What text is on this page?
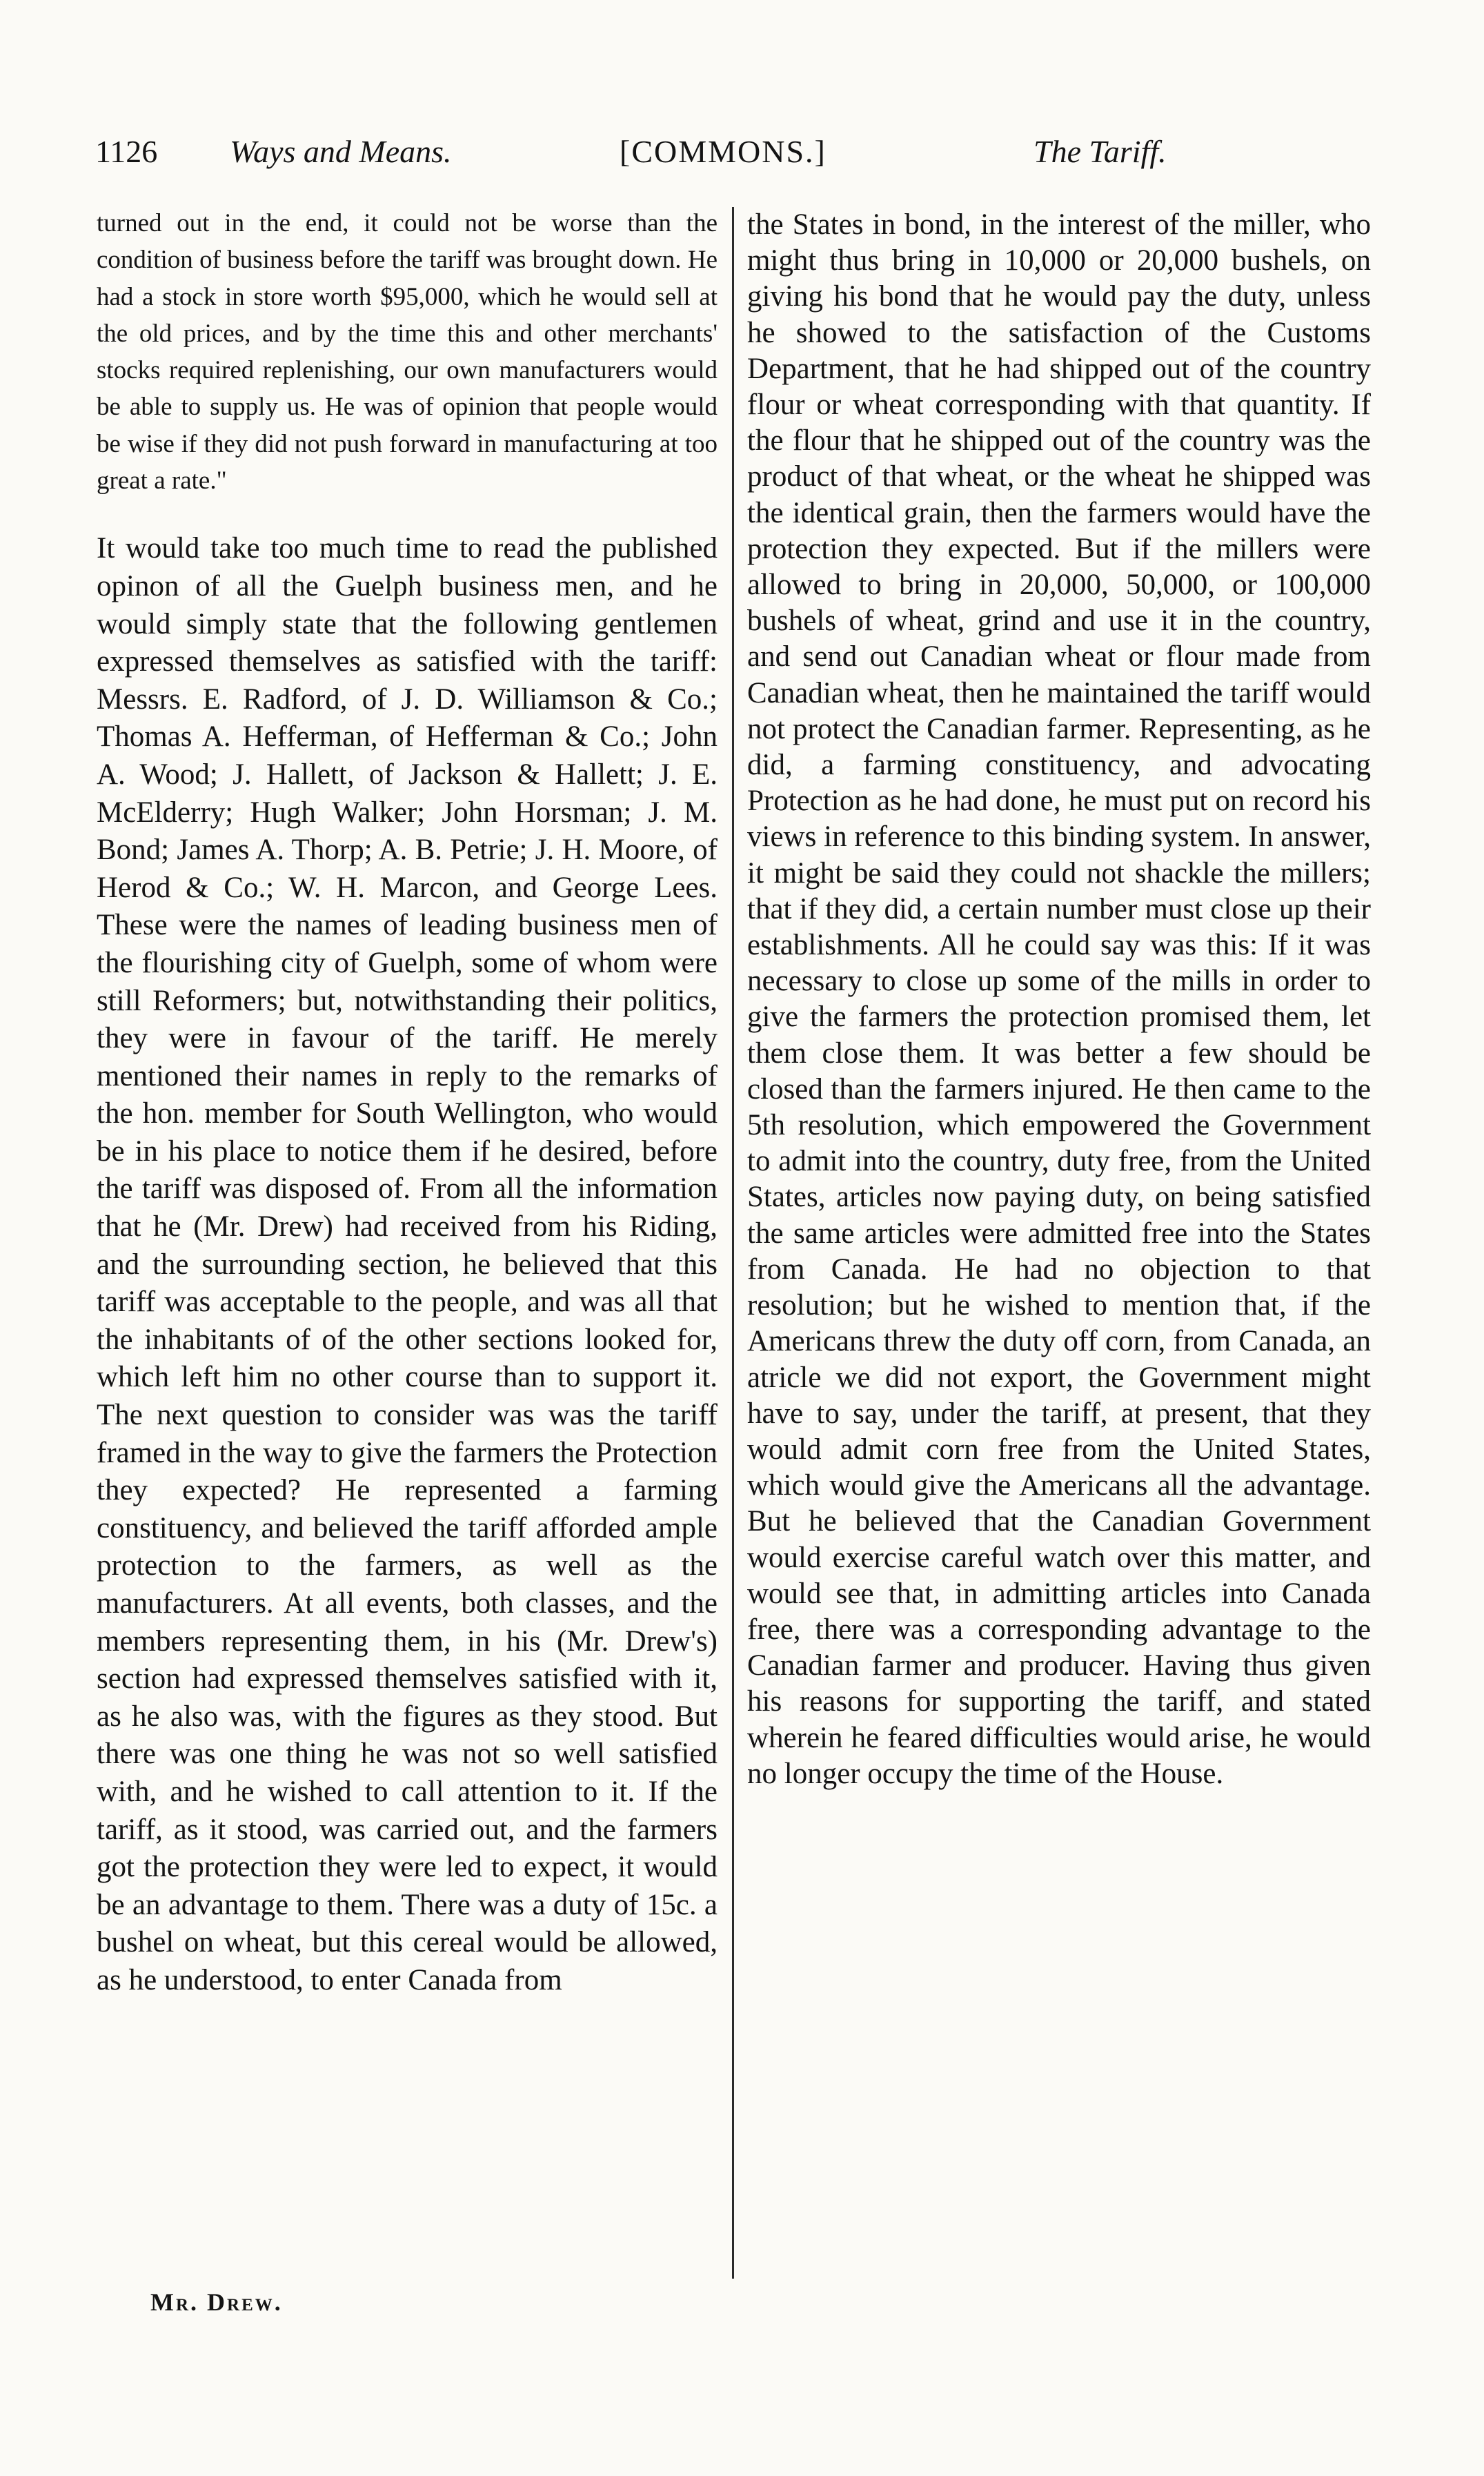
1126 Ways and Means.	[COMMONS.]	The Tariff.

turned out in the end, it could not be worse than the condition of business before the tariff was brought down. He had a stock in store worth $95,000, which he would sell at the old prices, and by the time this and other merchants' stocks required replenishing, our own manufacturers would be able to supply us. He was of opinion that people would be wise if they did not push forward in manufacturing at too great a rate."

It would take too much time to read the published opinon of all the Guelph business men, and he would simply state that the following gentlemen expressed themselves as satisfied with the tariff: Messrs. E. Radford, of J. D. Williamson & Co.; Thomas A. Hefferman, of Hefferman & Co.; John A. Wood; J. Hallett, of Jackson & Hallett; J. E. McElderry; Hugh Walker; John Horsman; J. M. Bond; James A. Thorp; A. B. Petrie; J. H. Moore, of Herod & Co.; W. H. Marcon, and George Lees. These were the names of leading business men of the flourishing city of Guelph, some of whom were still Reformers; but, notwithstanding their politics, they were in favour of the tariff. He merely mentioned their names in reply to the remarks of the hon. member for South Wellington, who would be in his place to notice them if he desired, before the tariff was disposed of. From all the information that he (Mr. Drew) had received from his Riding, and the surrounding section, he believed that this tariff was acceptable to the people, and was all that the inhabitants of of the other sections looked for, which left him no other course than to support it. The next question to consider was was the tariff framed in the way to give the farmers the Protection they expected? He represented a farming constituency, and believed the tariff afforded ample protection to the farmers, as well as the manufacturers. At all events, both classes, and the members representing them, in his (Mr. Drew's) section had expressed themselves satisfied with it, as he also was, with the figures as they stood. But there was one thing he was not so well satisfied with, and he wished to call attention to it. If the tariff, as it stood, was carried out, and the farmers got the protection they were led to expect, it would be an advantage to them. There was a duty of 15c. a bushel on wheat, but this cereal would be allowed, as he understood, to enter Canada from

the States in bond, in the interest of the miller, who might thus bring in 10,000 or 20,000 bushels, on giving his bond that he would pay the duty, unless he showed to the satisfaction of the Customs Department, that he had shipped out of the country flour or wheat corresponding with that quantity. If the flour that he shipped out of the country was the product of that wheat, or the wheat he shipped was the identical grain, then the farmers would have the protection they expected. But if the millers were allowed to bring in 20,000, 50,000, or 100,000 bushels of wheat, grind and use it in the country, and send out Canadian wheat or flour made from Canadian wheat, then he maintained the tariff would not protect the Canadian farmer. Representing, as he did, a farming constituency, and advocating Protection as he had done, he must put on record his views in reference to this binding system. In answer, it might be said they could not shackle the millers; that if they did, a certain number must close up their establishments. All he could say was this: If it was necessary to close up some of the mills in order to give the farmers the protection promised them, let them close them. It was better a few should be closed than the farmers injured. He then came to the 5th resolution, which empowered the Government to admit into the country, duty free, from the United States, articles now paying duty, on being satisfied the same articles were admitted free into the States from Canada. He had no objection to that resolution; but he wished to mention that, if the Americans threw the duty off corn, from Canada, an atricle we did not export, the Government might have to say, under the tariff, at present, that they would admit corn free from the United States, which would give the Americans all the advantage. But he believed that the Canadian Government would exercise careful watch over this matter, and would see that, in admitting articles into Canada free, there was a corresponding advantage to the Canadian farmer and producer. Having thus given his reasons for supporting the tariff, and stated wherein he feared difficulties would arise, he would no longer occupy the time of the House.

Mr. Drew.
